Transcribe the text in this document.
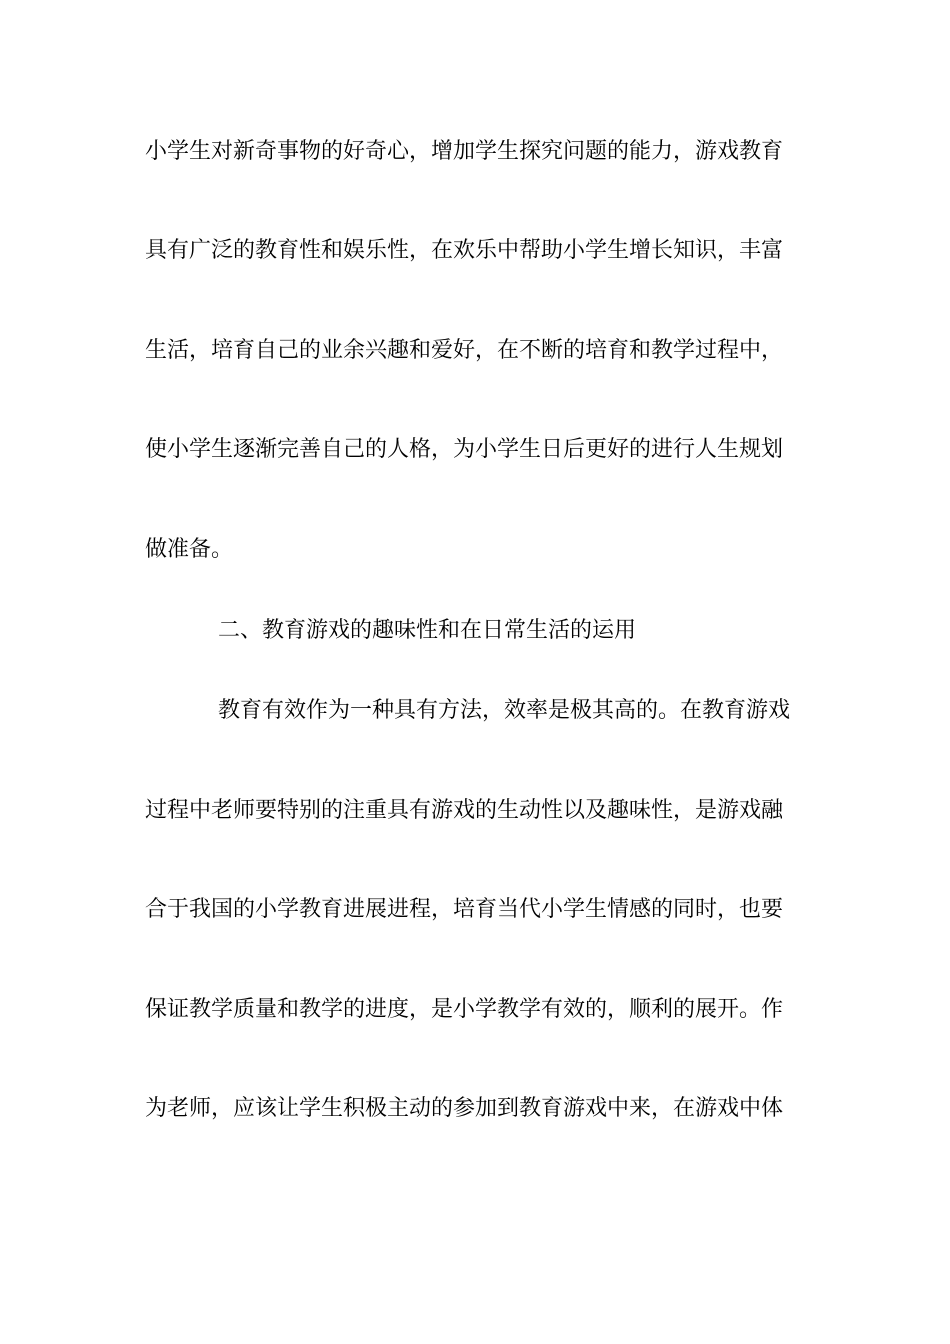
小学生对新奇事物的好奇心，增加学生探究问题的能力，游戏教育
具有广泛的教育性和娱乐性，在欢乐中帮助小学生增长知识，丰富
生活，培育自己的业余兴趣和爱好，在不断的培育和教学过程中，
使小学生逐渐完善自己的人格，为小学生日后更好的进行人生规划
做准备。
二、教育游戏的趣味性和在日常生活的运用
教育有效作为一种具有方法，效率是极其高的。在教育游戏
过程中老师要特别的注重具有游戏的生动性以及趣味性，是游戏融
合于我国的小学教育进展进程，培育当代小学生情感的同时，也要
保证教学质量和教学的进度，是小学教学有效的，顺利的展开。作
为老师，应该让学生积极主动的参加到教育游戏中来，在游戏中体
